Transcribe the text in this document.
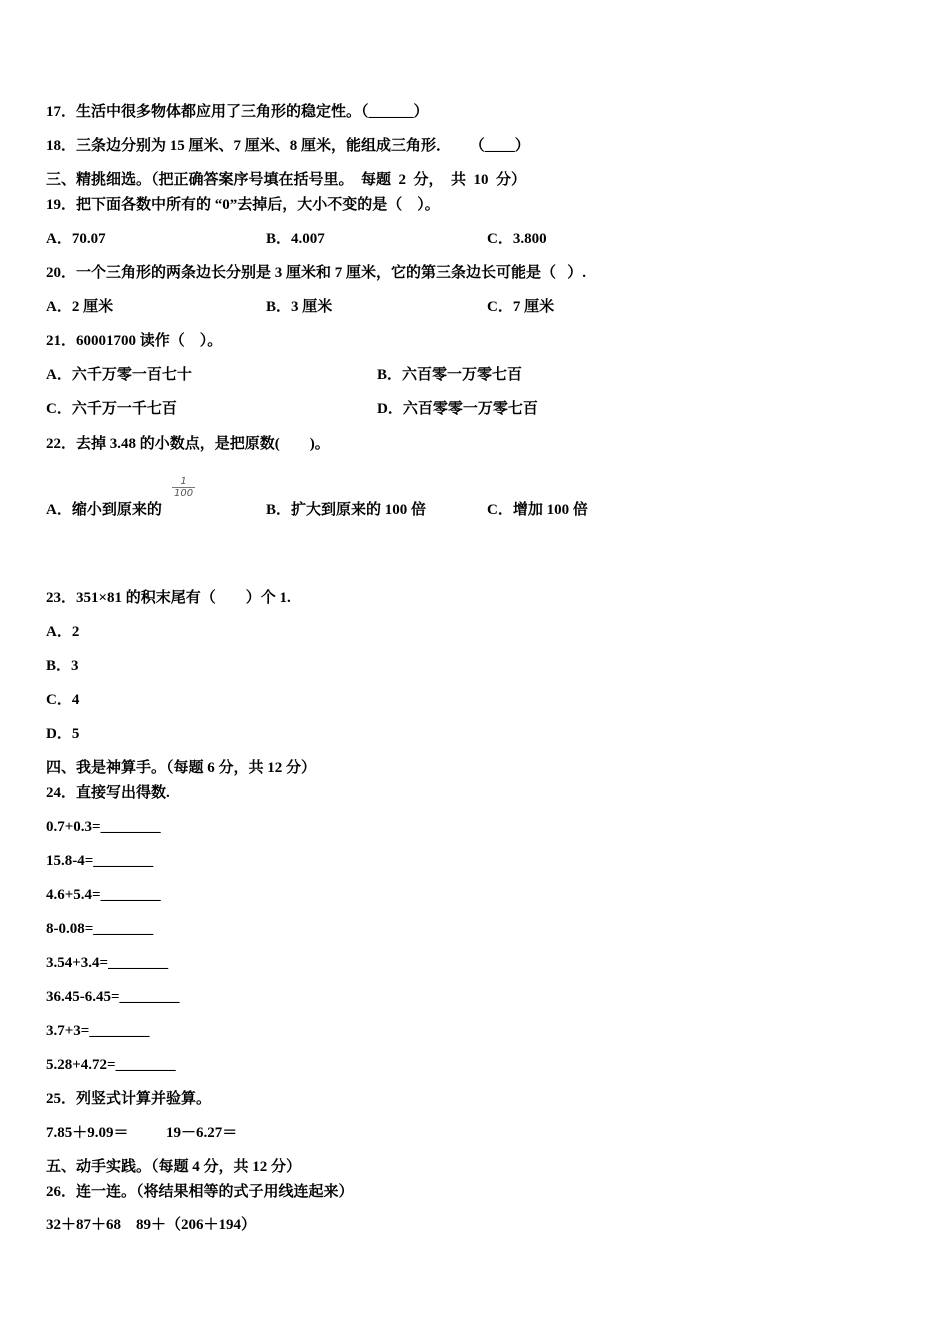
17．生活中很多物体都应用了三角形的稳定性。（______）
18．三条边分别为 15 厘米、7 厘米、8 厘米，能组成三角形．     （____）
三、精挑细选。（把正确答案序号填在括号里。  每题  2  分，  共  10  分）
19．把下面各数中所有的 “0”去掉后，大小不变的是（    ）。
A．70.07	B．4.007	C．3.800
20．一个三角形的两条边长分别是 3 厘米和 7 厘米，它的第三条边长可能是（   ）.
A．2 厘米	B．3 厘米	C．7 厘米
21．60001700 读作（    ）。
A．六千万零一百七十	B．六百零一万零七百
C．六千万一千七百	D．六百零零一万零七百
22．去掉 3.48 的小数点，是把原数(        )。
A．缩小到原来的
$\frac{1}{100}$
B．扩大到原来的 100 倍	C．增加 100 倍
23．351×81 的积末尾有（        ）个 1.
A．2
B．3
C．4
D．5
四、我是神算手。（每题 6 分，共 12 分）
24．直接写出得数.
0.7+0.3=________
15.8-4=________
4.6+5.4=________
8-0.08=________
3.54+3.4=________
36.45-6.45=________
3.7+3=________
5.28+4.72=________
25．列竖式计算并验算。
7.85＋9.09＝          19－6.27＝
五、动手实践。（每题 4 分，共 12 分）
26．连一连。（将结果相等的式子用线连起来）
32＋87＋68    89＋（206＋194）
